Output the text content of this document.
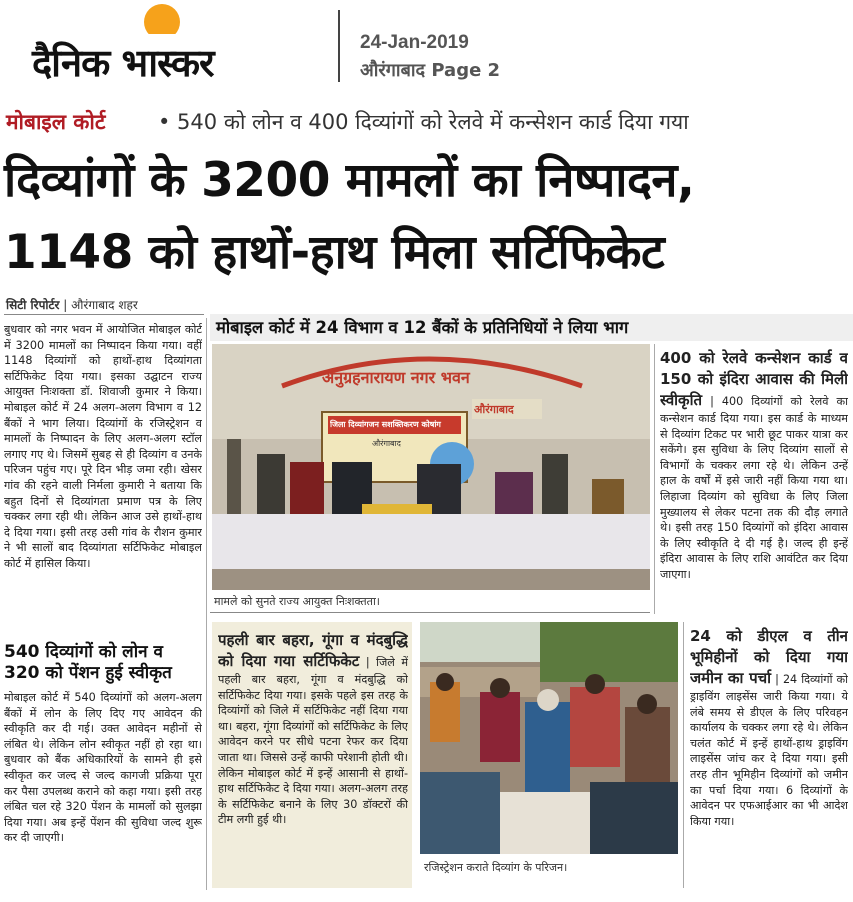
दैनिक भास्कर	24-Jan-2019
औरंगाबाद Page 2
मोबाइल कोर्ट	• 540 को लोन व 400 दिव्यांगों को रेलवे में कन्सेशन कार्ड दिया गया
दिव्यांगों के 3200 मामलों का निष्पादन,
1148 को हाथों-हाथ मिला सर्टिफिकेट
सिटी रिपोर्टर | औरंगाबाद शहर
मोबाइल कोर्ट में 24 विभाग व 12 बैंकों के प्रतिनिधियों ने लिया भाग

बुधवार को नगर भवन में आयोजित मोबाइल कोर्ट में 3200 मामलों का निष्पादन किया गया। वहीं 1148 दिव्यांगों को हाथों-हाथ दिव्यांगता सर्टिफिकेट दिया गया। इसका उद्घाटन राज्य आयुक्त निःशक्ता डॉ. शिवाजी कुमार ने किया। मोबाइल कोर्ट में 24 अलग-अलग विभाग व 12 बैंकों ने भाग लिया। दिव्यांगों के रजिस्ट्रेशन व मामलों के निष्पादन के लिए अलग-अलग स्टॉल लगाए गए थे। जिसमें सुबह से ही दिव्यांग व उनके परिजन पहुंच गए। पूरे दिन भीड़ जमा रही। खेसर गांव की रहने वाली निर्मला कुमारी ने बताया कि बहुत दिनों से दिव्यांगता प्रमाण पत्र के लिए चक्कर लगा रही थी। लेकिन आज उसे हाथों-हाथ दे दिया गया। इसी तरह उसी गांव के रौशन कुमार ने भी सालों बाद दिव्यांगता सर्टिफिकेट मोबाइल कोर्ट में हासिल किया।

540 दिव्यांगों को लोन व 320 को पेंशन हुई स्वीकृत

मोबाइल कोर्ट में 540 दिव्यांगों को अलग-अलग बैंकों में लोन के लिए दिए गए आवेदन की स्वीकृति कर दी गई। उक्त आवेदन महीनों से लंबित थे। लेकिन लोन स्वीकृत नहीं हो रहा था। बुधवार को बैंक अधिकारियों के सामने ही इसे स्वीकृत कर जल्द से जल्द कागजी प्रक्रिया पूरा कर पैसा उपलब्ध कराने को कहा गया। इसी तरह लंबित चल रहे 320 पेंशन के मामलों को सुलझा दिया गया। अब इन्हें पेंशन की सुविधा जल्द शुरू कर दी जाएगी।

अनुग्रहनारायण नगर भवन
औरंगाबाद
जिला दिव्यांगजन सशक्तिकरण कोषांग
औरंगाबाद
मामले को सुनते राज्य आयुक्त निःशक्तता।
400 को रेलवे कन्सेशन कार्ड व 150 को इंदिरा आवास की मिली स्वीकृति | 400 दिव्यांगों को रेलवे का कन्सेशन कार्ड दिया गया। इस कार्ड के माध्यम से दिव्यांग टिकट पर भारी छूट पाकर यात्रा कर सकेंगे। इस सुविधा के लिए दिव्यांग सालों से विभागों के चक्कर लगा रहे थे। लेकिन उन्हें हाल के वर्षों में इसे जारी नहीं किया गया था। लिहाजा दिव्यांग को सुविधा के लिए जिला मुख्यालय से लेकर पटना तक की दौड़ लगाते थे। इसी तरह 150 दिव्यांगों को इंदिरा आवास के लिए स्वीकृति दे दी गई है। जल्द ही इन्हें इंदिरा आवास के लिए राशि आवंटित कर दिया जाएगा।
पहली बार बहरा, गूंगा व मंदबुद्धि को दिया गया सर्टिफिकेट | जिले में पहली बार बहरा, गूंगा व मंदबुद्धि को सर्टिफिकेट दिया गया। इसके पहले इस तरह के दिव्यांगों को जिले में सर्टिफिकेट नहीं दिया गया था। बहरा, गूंगा दिव्यांगों को सर्टिफिकेट के लिए आवेदन करने पर सीधे पटना रेफर कर दिया जाता था। जिससे उन्हें काफी परेशानी होती थी। लेकिन मोबाइल कोर्ट में इन्हें आसानी से हाथों-हाथ सर्टिफिकेट दे दिया गया। अलग-अलग तरह के सर्टिफिकेट बनाने के लिए 30 डॉक्टरों की टीम लगी हुई थी।
रजिस्ट्रेशन कराते दिव्यांग के परिजन।
24 को डीएल व तीन भूमिहीनों को दिया गया जमीन का पर्चा | 24 दिव्यांगों को ड्राइविंग लाइसेंस जारी किया गया। ये लंबे समय से डीएल के लिए परिवहन कार्यालय के चक्कर लगा रहे थे। लेकिन चलंत कोर्ट में इन्हें हाथों-हाथ ड्राइविंग लाइसेंस जांच कर दे दिया गया। इसी तरह तीन भूमिहीन दिव्यांगों को जमीन का पर्चा दिया गया। 6 दिव्यांगों के आवेदन पर एफआईआर का भी आदेश किया गया।
